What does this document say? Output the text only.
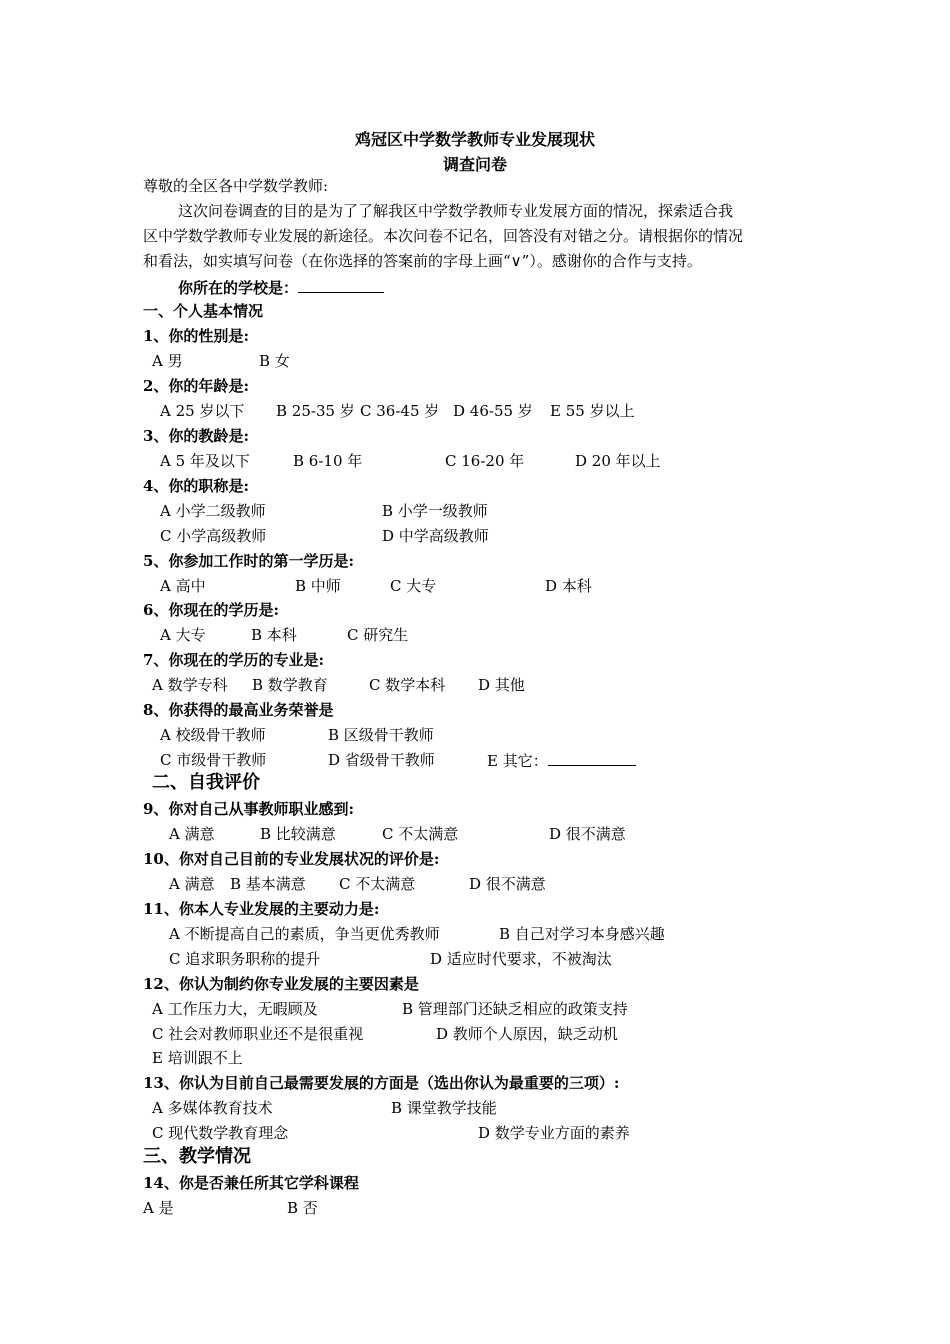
鸡冠区中学数学教师专业发展现状
调查问卷
尊敬的全区各中学数学教师:
这次问卷调查的目的是为了了解我区中学数学教师专业发展方面的情况，探索适合我
区中学数学教师专业发展的新途径。本次问卷不记名，回答没有对错之分。请根据你的情况
和看法，如实填写问卷（在你选择的答案前的字母上画“∨”）。感谢你的合作与支持。
你所在的学校是：
一、个人基本情况
1、你的性别是:
A 男	B 女
2、你的年龄是:
A 25 岁以下 B 25-35 岁 C 36-45 岁 D 46-55 岁 E 55 岁以上
3、你的教龄是:
A 5 年及以下	B 6-10 年	C 16-20 年	D 20 年以上
4、你的职称是:
A 小学二级教师	B 小学一级教师
C 小学高级教师	D 中学高级教师
5、你参加工作时的第一学历是:
A 高中	B 中师	C 大专	D 本科
6、你现在的学历是:
A 大专	B 本科	C 研究生
7、你现在的学历的专业是:
A 数学专科 B 数学教育	C 数学本科 D 其他
8、你获得的最高业务荣誉是
A 校级骨干教师	B 区级骨干教师
C 市级骨干教师	D 省级骨干教师	E 其它：
二、自我评价
9、你对自己从事教师职业感到:
A 满意	B 比较满意	C 不太满意	D 很不满意
10、你对自己目前的专业发展状况的评价是:
A 满意 B 基本满意 C 不太满意	D 很不满意
11、你本人专业发展的主要动力是:
A 不断提高自己的素质，争当更优秀教师	B 自己对学习本身感兴趣
C 追求职务职称的提升	D 适应时代要求，不被淘汰
12、你认为制约你专业发展的主要因素是
A 工作压力大，无暇顾及	B 管理部门还缺乏相应的政策支持
C 社会对教师职业还不是很重视	D 教师个人原因，缺乏动机
E 培训跟不上
13、你认为目前自己最需要发展的方面是（选出你认为最重要的三项）:
A 多媒体教育技术	B 课堂教学技能
C 现代数学教育理念	D 数学专业方面的素养
三、教学情况
14、你是否兼任所其它学科课程
A 是	B 否
